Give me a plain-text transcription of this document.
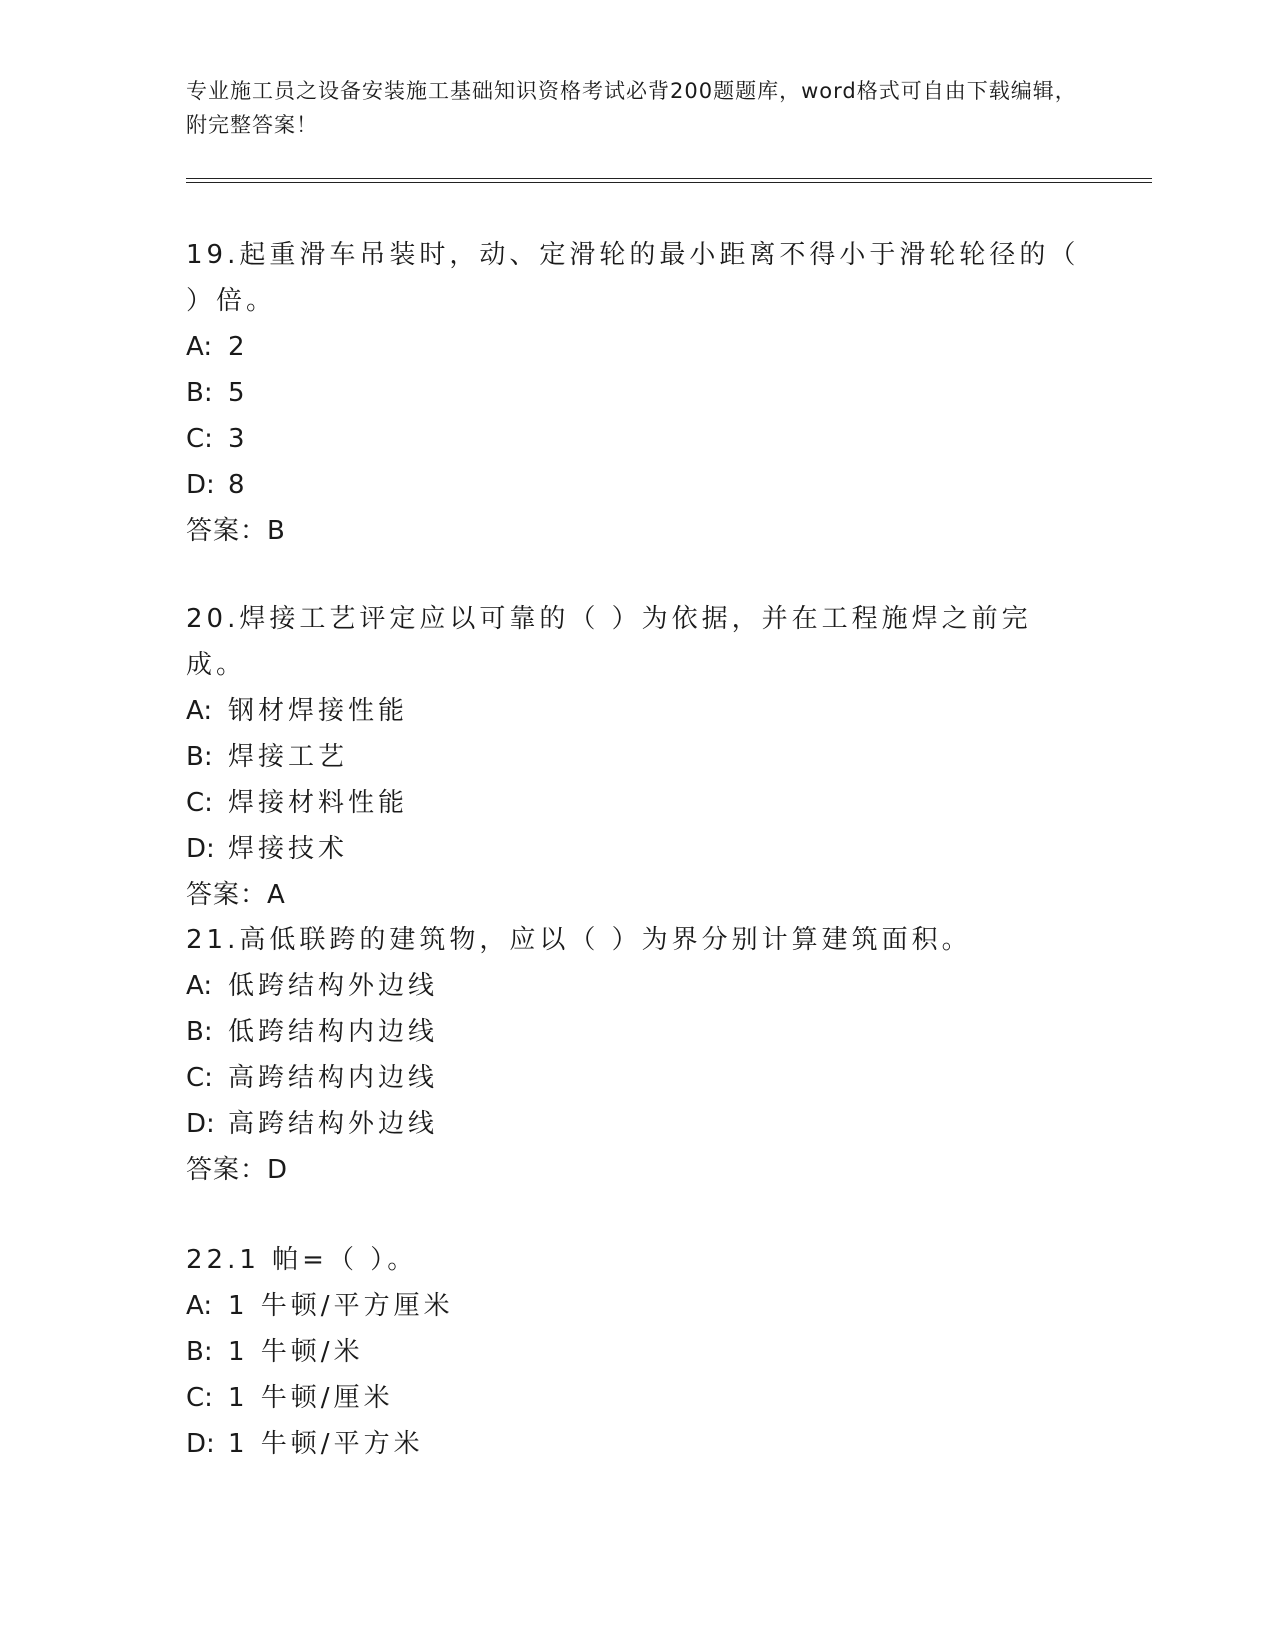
专业施工员之设备安装施工基础知识资格考试必背200题题库，word格式可自由下载编辑，附完整答案！

19.起重滑车吊装时，动、定滑轮的最小距离不得小于滑轮轮径的（ ）倍。

A: 2

B: 5

C: 3

D: 8

答案：B

20.焊接工艺评定应以可靠的（ ）为依据，并在工程施焊之前完成。

A: 钢材焊接性能

B: 焊接工艺

C: 焊接材料性能

D: 焊接技术

答案：A

21.高低联跨的建筑物，应以（ ）为界分别计算建筑面积。

A: 低跨结构外边线

B: 低跨结构内边线

C: 高跨结构内边线

D: 高跨结构外边线

答案：D

22.1 帕=（ ）。

A: 1 牛顿/平方厘米

B: 1 牛顿/米

C: 1 牛顿/厘米

D: 1 牛顿/平方米
